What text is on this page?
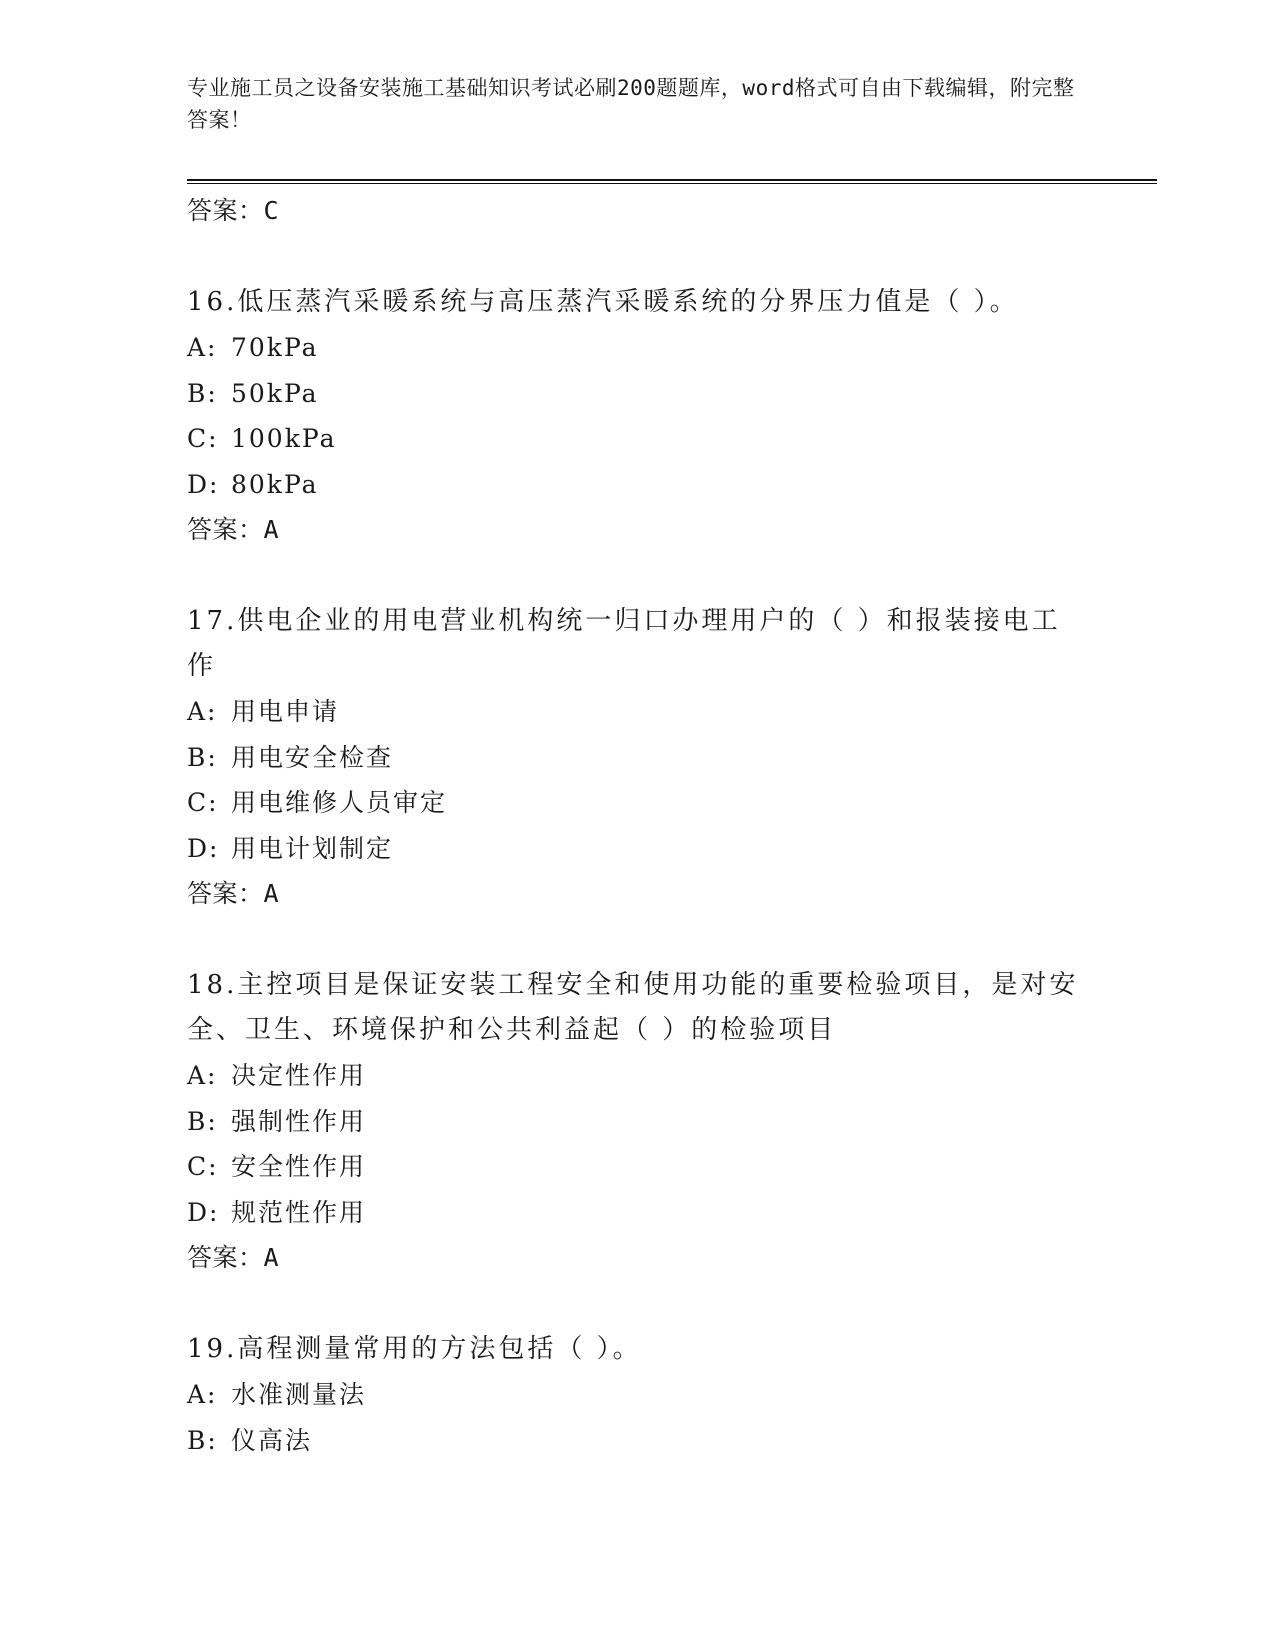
专业施工员之设备安装施工基础知识考试必刷200题题库，word格式可自由下载编辑，附完整答案！

答案：C

16.低压蒸汽采暖系统与高压蒸汽采暖系统的分界压力值是（ ）。

A: 70kPa
B: 50kPa
C: 100kPa
D: 80kPa
答案：A

17.供电企业的用电营业机构统一归口办理用户的（ ）和报装接电工作

A: 用电申请
B: 用电安全检查
C: 用电维修人员审定
D: 用电计划制定
答案：A

18.主控项目是保证安装工程安全和使用功能的重要检验项目，是对安全、卫生、环境保护和公共利益起（ ）的检验项目

A: 决定性作用
B: 强制性作用
C: 安全性作用
D: 规范性作用
答案：A

19.高程测量常用的方法包括（ ）。

A: 水准测量法
B: 仪高法
